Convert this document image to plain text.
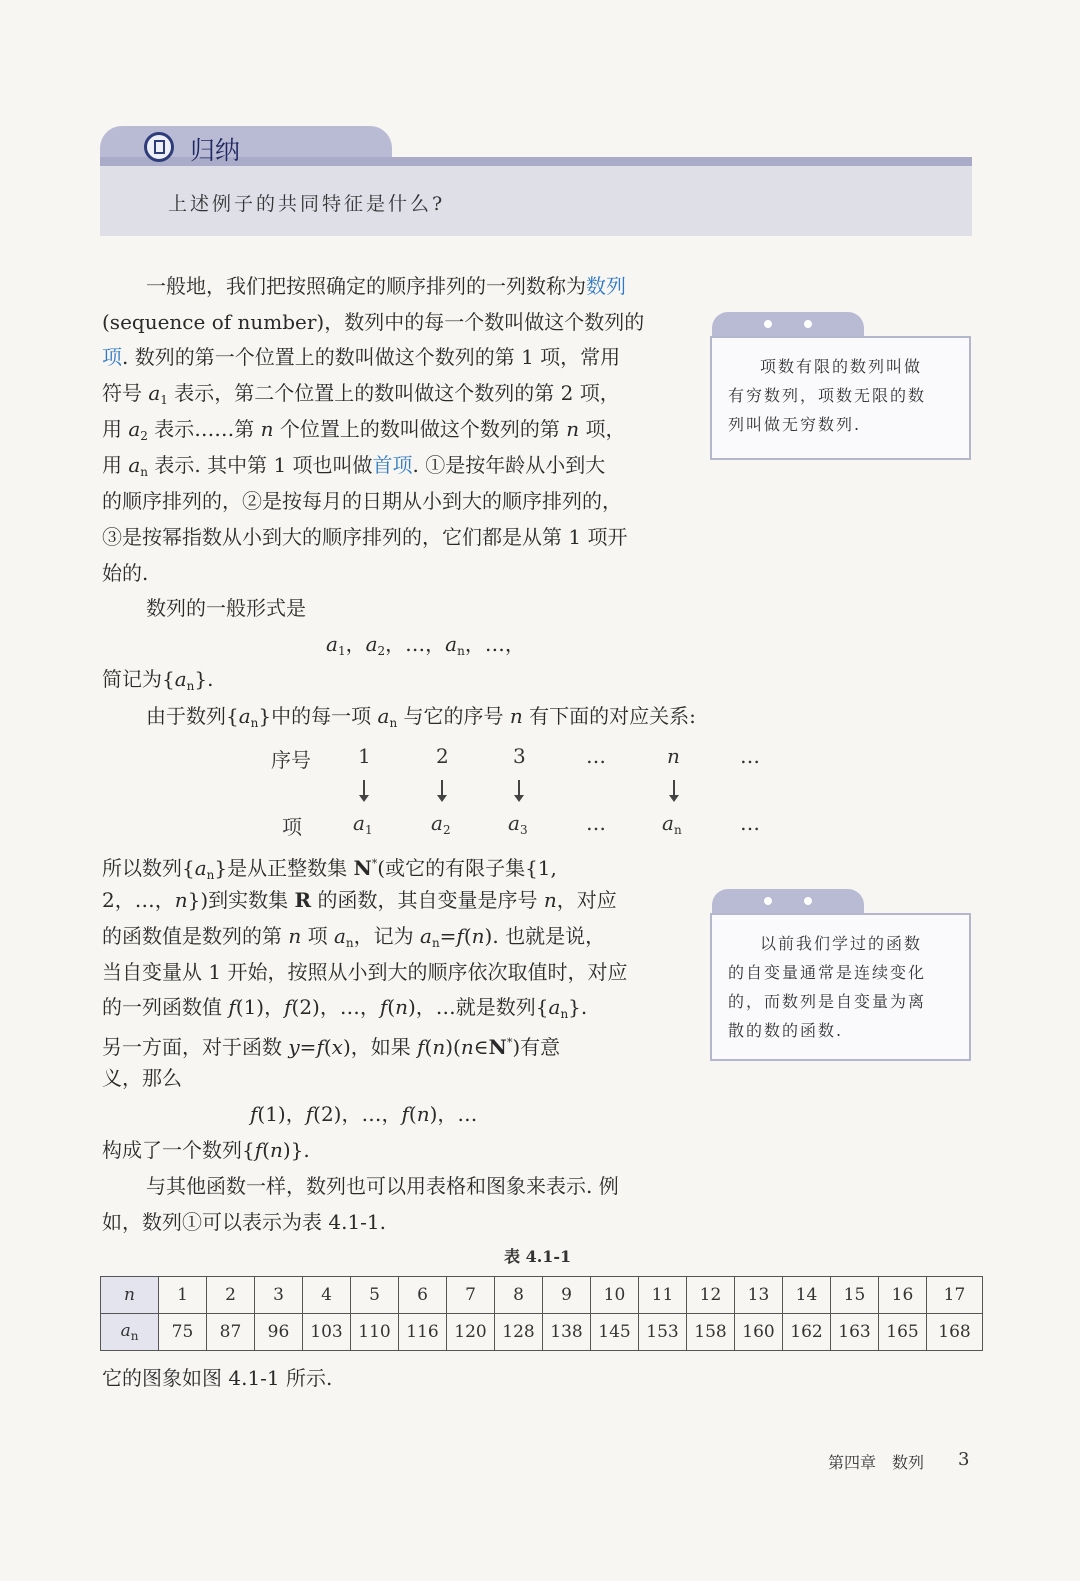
归纳
上述例子的共同特征是什么?
一般地，我们把按照确定的顺序排列的一列数称为数列
(sequence of number)，数列中的每一个数叫做这个数列的
项. 数列的第一个位置上的数叫做这个数列的第 1 项，常用
符号 $a_1$ 表示，第二个位置上的数叫做这个数列的第 2 项，
用 $a_2$ 表示……第 n 个位置上的数叫做这个数列的第 n 项，
用 $a_n$ 表示. 其中第 1 项也叫做首项. ①是按年龄从小到大
的顺序排列的，②是按每月的日期从小到大的顺序排列的，
③是按幂指数从小到大的顺序排列的，它们都是从第 1 项开
始的.
项数有限的数列叫做
有穷数列，项数无限的数
列叫做无穷数列.
数列的一般形式是
$a_1$，$a_2$，…，$a_n$，…，
简记为$\{a_n\}$.
由于数列$\{a_n\}$中的每一项 $a_n$ 与它的序号 n 有下面的对应关系:
序号
项
1	2	3	…	n	…
$a_1$	$a_2$	$a_3$	…	$a_n$	…
所以数列$\{a_n\}$是从正整数集 N*(或它的有限子集{1,
2，…，n})到实数集 R 的函数，其自变量是序号 n，对应
的函数值是数列的第 n 项 $a_n$，记为 $a_n=f(n)$. 也就是说，
当自变量从 1 开始，按照从小到大的顺序依次取值时，对应
的一列函数值 f(1)，f(2)，…，f(n)，…就是数列$\{a_n\}$.
另一方面，对于函数 y=f(x)，如果 f(n)(n∈N*)有意
义，那么
以前我们学过的函数
的自变量通常是连续变化
的，而数列是自变量为离
散的数的函数.
f(1)，f(2)，…，f(n)，…
构成了一个数列{f(n)}.
与其他函数一样，数列也可以用表格和图象来表示. 例
如，数列①可以表示为表 4.1-1.
表 4.1-1
n	1	2	3	4	5	6	7	8	9	10	11	12	13	14	15	16	17
$a_n$	75	87	96	103	110	116	120	128	138	145	153	158	160	162	163	165	168
它的图象如图 4.1-1 所示.
第四章　数列 3
